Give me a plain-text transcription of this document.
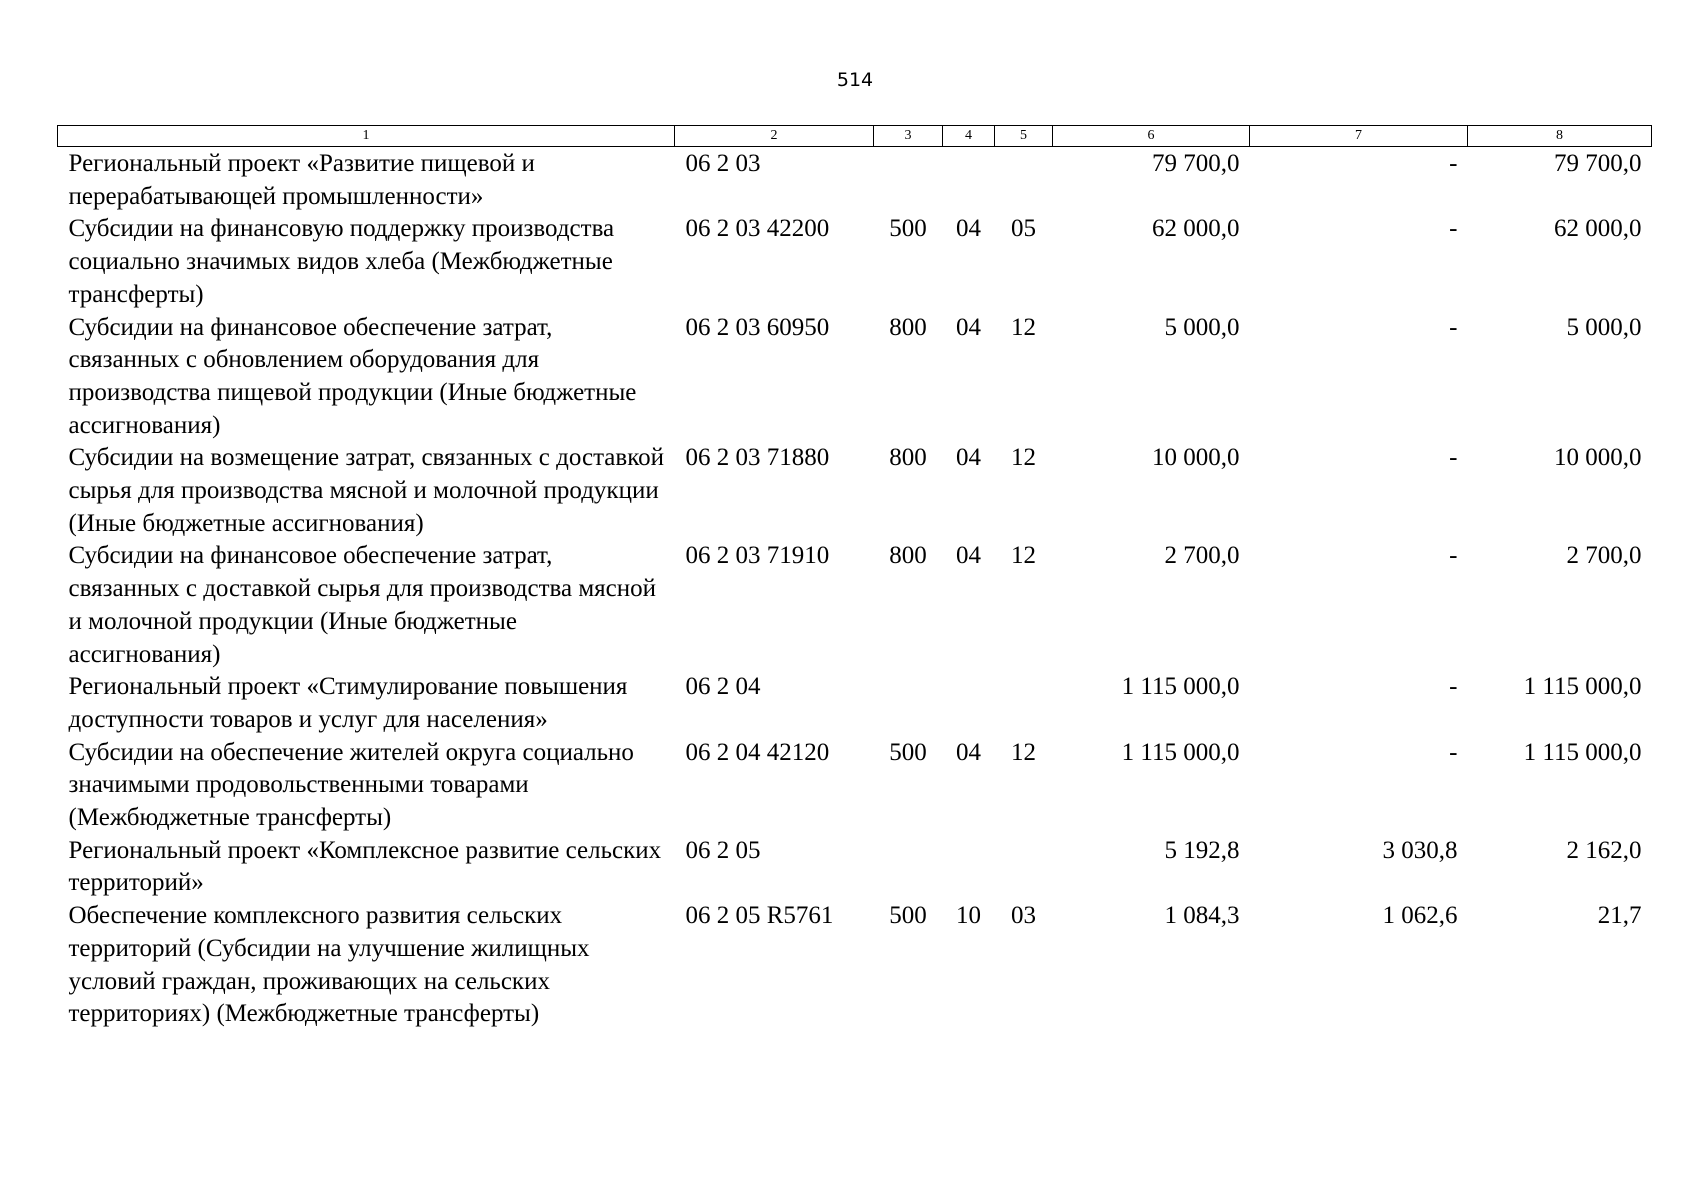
514
1	2	3	4	5	6	7	8
Региональный проект «Развитие пищевой и перерабатывающей промышленности»	06 2 03				79 700,0	-	79 700,0
Субсидии на финансовую поддержку производства социально значимых видов хлеба (Межбюджетные трансферты)	06 2 03 42200	500	04	05	62 000,0	-	62 000,0
Субсидии на финансовое обеспечение затрат, связанных с обновлением оборудования для производства пищевой продукции (Иные бюджетные ассигнования)	06 2 03 60950	800	04	12	5 000,0	-	5 000,0
Субсидии на возмещение затрат, связанных с доставкой сырья для производства мясной и молочной продукции (Иные бюджетные ассигнования)	06 2 03 71880	800	04	12	10 000,0	-	10 000,0
Субсидии на финансовое обеспечение затрат, связанных с доставкой сырья для производства мясной и молочной продукции (Иные бюджетные ассигнования)	06 2 03 71910	800	04	12	2 700,0	-	2 700,0
Региональный проект «Стимулирование повышения доступности товаров и услуг для населения»	06 2 04				1 115 000,0	-	1 115 000,0
Субсидии на обеспечение жителей округа социально значимыми продовольственными товарами (Межбюджетные трансферты)	06 2 04 42120	500	04	12	1 115 000,0	-	1 115 000,0
Региональный проект «Комплексное развитие сельских территорий»	06 2 05				5 192,8	3 030,8	2 162,0
Обеспечение комплексного развития сельских территорий (Субсидии на улучшение жилищных условий граждан, проживающих на сельских территориях) (Межбюджетные трансферты)	06 2 05 R5761	500	10	03	1 084,3	1 062,6	21,7
